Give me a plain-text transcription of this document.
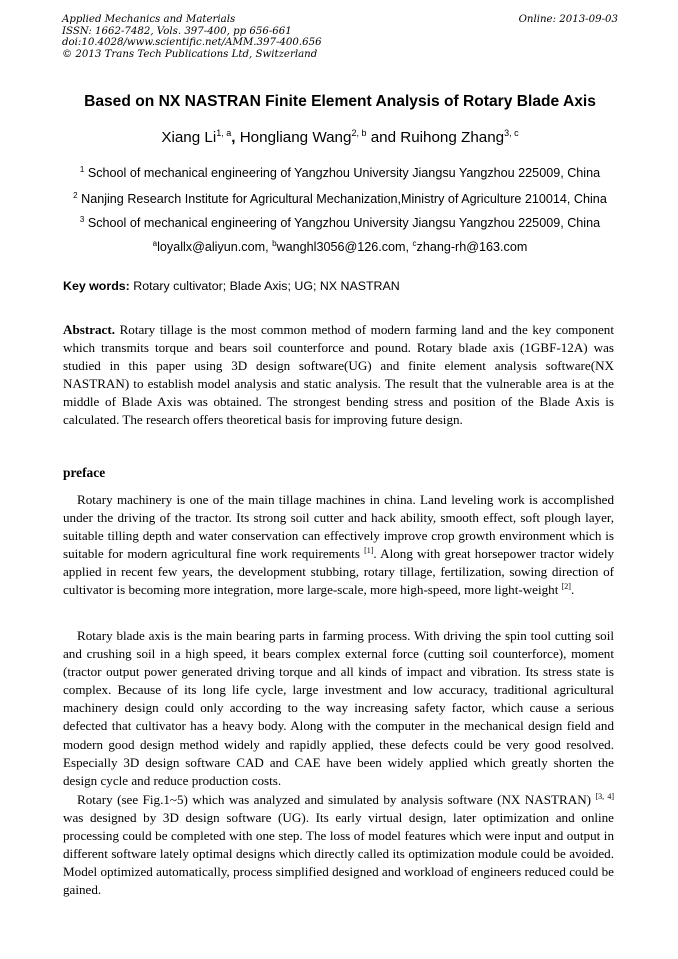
Applied Mechanics and Materials
ISSN: 1662-7482, Vols. 397-400, pp 656-661
doi:10.4028/www.scientific.net/AMM.397-400.656
© 2013 Trans Tech Publications Ltd, Switzerland
Online: 2013-09-03
Based on NX NASTRAN Finite Element Analysis of Rotary Blade Axis
Xiang Li$^{1, a}$, Hongliang Wang$^{2, b}$ and Ruihong Zhang$^{3, c}$
$^1$ School of mechanical engineering of Yangzhou University Jiangsu Yangzhou 225009, China
$^2$ Nanjing Research Institute for Agricultural Mechanization,Ministry of Agriculture 210014, China
$^3$ School of mechanical engineering of Yangzhou University Jiangsu Yangzhou 225009, China
$^a$loyallx@aliyun.com, $^b$wanghl3056@126.com, $^c$zhang-rh@163.com
Key words: Rotary cultivator; Blade Axis; UG; NX NASTRAN

Abstract. Rotary tillage is the most common method of modern farming land and the key component which transmits torque and bears soil counterforce and pound. Rotary blade axis (1GBF-12A) was studied in this paper using 3D design software(UG) and finite element analysis software(NX NASTRAN) to establish model analysis and static analysis. The result that the vulnerable area is at the middle of Blade Axis was obtained. The strongest bending stress and position of the Blade Axis is calculated. The research offers theoretical basis for improving future design.

preface

Rotary machinery is one of the main tillage machines in china. Land leveling work is accomplished under the driving of the tractor. Its strong soil cutter and hack ability, smooth effect, soft plough layer, suitable tilling depth and water conservation can effectively improve crop growth environment which is suitable for modern agricultural fine work requirements [1]. Along with great horsepower tractor widely applied in recent few years, the development stubbing, rotary tillage, fertilization, sowing direction of cultivator is becoming more integration, more large-scale, more high-speed, more light-weight [2].

Rotary blade axis is the main bearing parts in farming process. With driving the spin tool cutting soil and crushing soil in a high speed, it bears complex external force (cutting soil counterforce), moment (tractor output power generated driving torque and all kinds of impact and vibration. Its stress state is complex. Because of its long life cycle, large investment and low accuracy, traditional agricultural machinery design could only according to the way increasing safety factor, which cause a serious defected that cultivator has a heavy body. Along with the computer in the mechanical design field and modern good design method widely and rapidly applied, these defects could be very good resolved. Especially 3D design software CAD and CAE have been widely applied which greatly shorten the design cycle and reduce production costs.

Rotary (see Fig.1~5) which was analyzed and simulated by analysis software (NX NASTRAN) [3, 4] was designed by 3D design software (UG). Its early virtual design, later optimization and online processing could be completed with one step. The loss of model features which were input and output in different software lately optimal designs which directly called its optimization module could be avoided. Model optimized automatically, process simplified designed and workload of engineers reduced could be gained.
